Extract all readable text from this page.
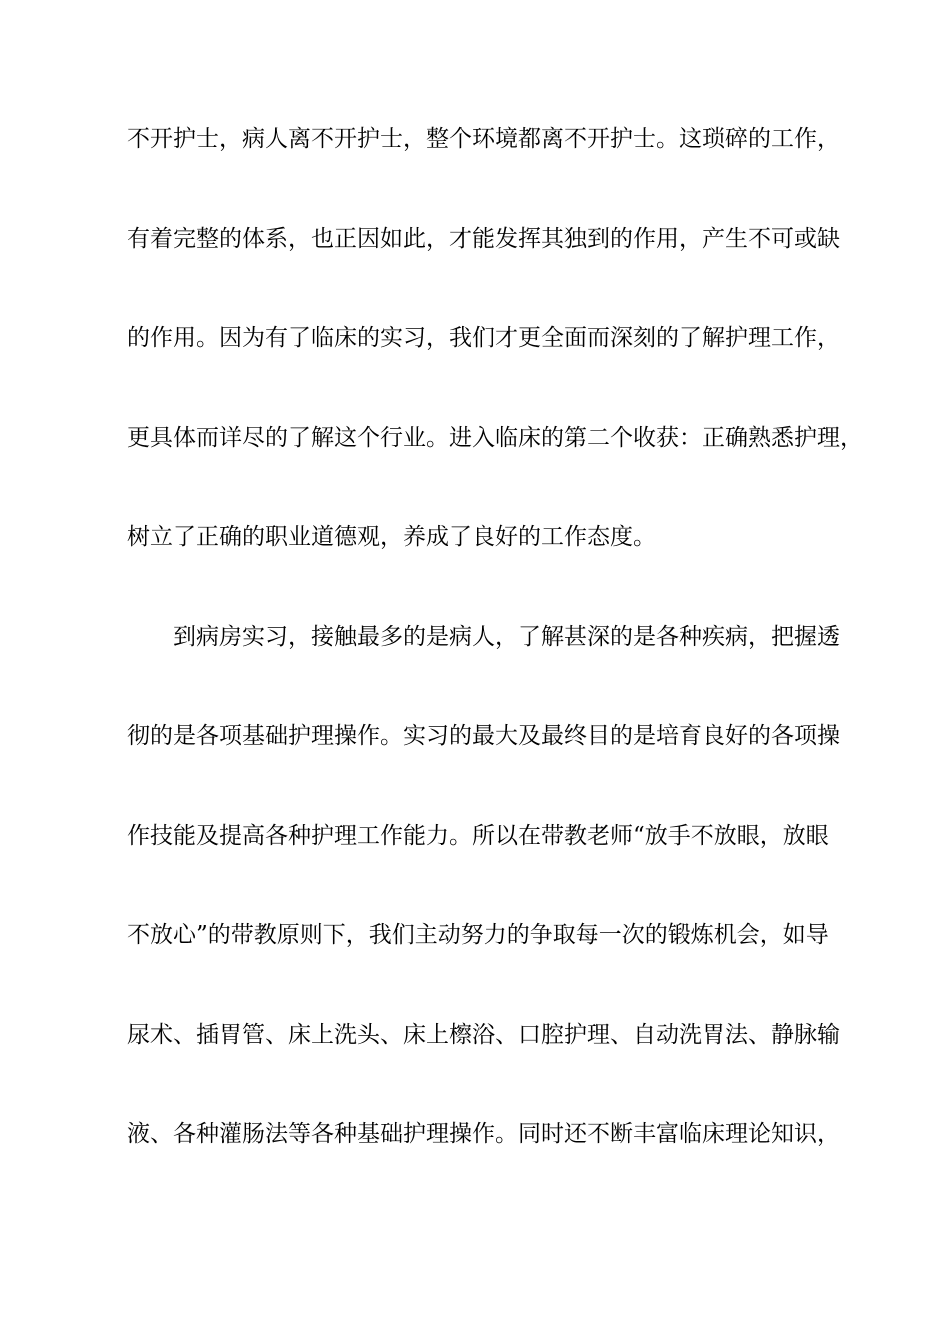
不开护士，病人离不开护士，整个环境都离不开护士。这琐碎的工作，
有着完整的体系，也正因如此，才能发挥其独到的作用，产生不可或缺
的作用。因为有了临床的实习，我们才更全面而深刻的了解护理工作，
更具体而详尽的了解这个行业。进入临床的第二个收获：正确熟悉护理，
树立了正确的职业道德观，养成了良好的工作态度。
　　到病房实习，接触最多的是病人，了解甚深的是各种疾病，把握透
彻的是各项基础护理操作。实习的最大及最终目的是培育良好的各项操
作技能及提高各种护理工作能力。所以在带教老师“放手不放眼，放眼
不放心”的带教原则下，我们主动努力的争取每一次的锻炼机会，如导
尿术、插胃管、床上洗头、床上檫浴、口腔护理、自动洗胃法、静脉输
液、各种灌肠法等各种基础护理操作。同时还不断丰富临床理论知识，
